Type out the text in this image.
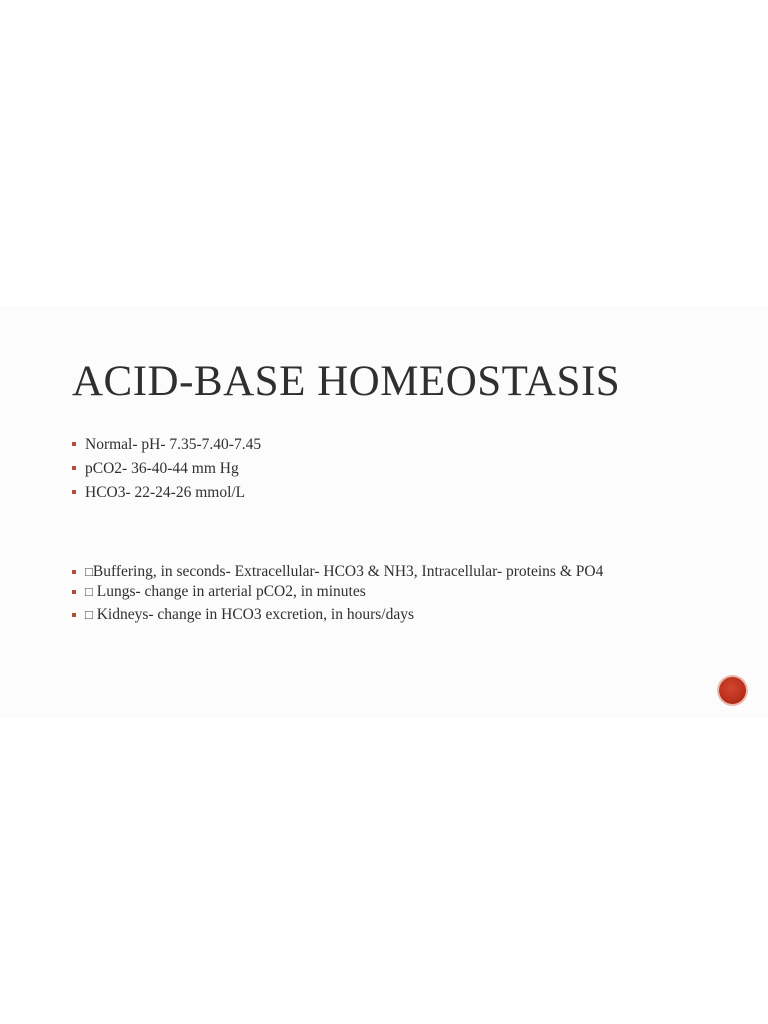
ACID-BASE HOMEOSTASIS
Normal- pH- 7.35-7.40-7.45
pCO2- 36-40-44 mm Hg
HCO3- 22-24-26 mmol/L
□Buffering, in seconds- Extracellular- HCO3 & NH3, Intracellular- proteins & PO4
□ Lungs- change in arterial pCO2, in minutes
□ Kidneys- change in HCO3 excretion, in hours/days
